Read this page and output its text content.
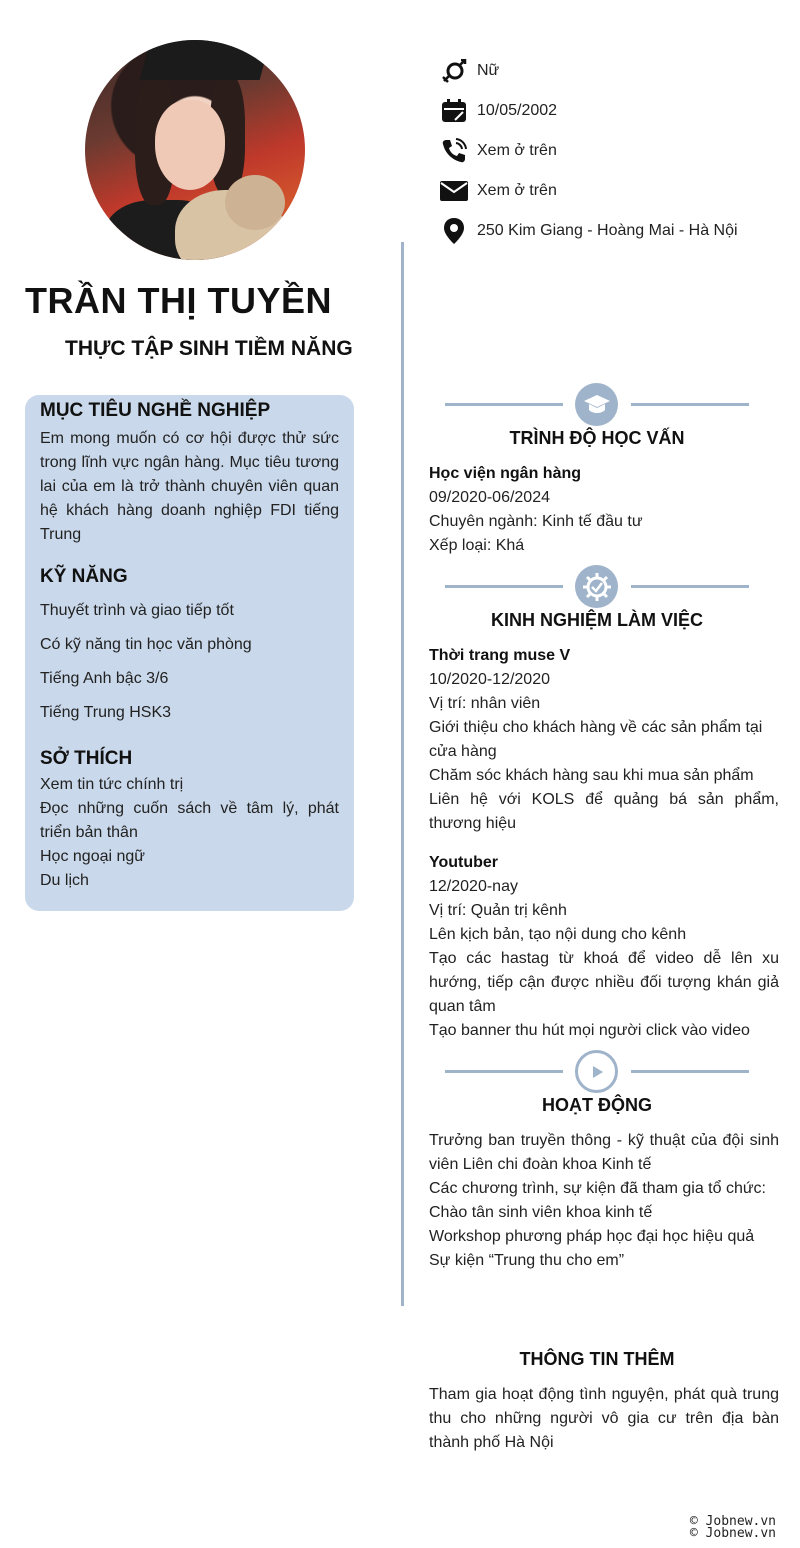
TRẦN THỊ TUYỀN
THỰC TẬP SINH TIỀM NĂNG
Nữ
10/05/2002
Xem ở trên
Xem ở trên
250 Kim Giang - Hoàng Mai - Hà Nội
MỤC TIÊU NGHỀ NGHIỆP

Em mong muốn có cơ hội được thử sức trong lĩnh vực ngân hàng. Mục tiêu tương lai của em là trở thành chuyên viên quan hệ khách hàng doanh nghiệp FDI tiếng Trung

KỸ NĂNG

Thuyết trình và giao tiếp tốt

Có kỹ năng tin học văn phòng

Tiếng Anh bậc 3/6

Tiếng Trung HSK3

SỞ THÍCH

Xem tin tức chính trị

Đọc những cuốn sách về tâm lý, phát triển bản thân

Học ngoại ngữ

Du lịch

TRÌNH ĐỘ HỌC VẤN

Học viện ngân hàng

09/2020-06/2024

Chuyên ngành: Kinh tế đầu tư

Xếp loại: Khá

KINH NGHIỆM LÀM VIỆC

Thời trang muse V

10/2020-12/2020

Vị trí: nhân viên

Giới thiệu cho khách hàng về các sản phẩm tại cửa hàng

Chăm sóc khách hàng sau khi mua sản phẩm

Liên hệ với KOLS để quảng bá sản phẩm, thương hiệu

Youtuber

12/2020-nay

Vị trí: Quản trị kênh

Lên kịch bản, tạo nội dung cho kênh

Tạo các hastag từ khoá để video dễ lên xu hướng, tiếp cận được nhiều đối tượng khán giả quan tâm

Tạo banner thu hút mọi người click vào video

HOẠT ĐỘNG

Trưởng ban truyền thông - kỹ thuật của đội sinh viên Liên chi đoàn khoa Kinh tế

Các chương trình, sự kiện đã tham gia tổ chức:

Chào tân sinh viên khoa kinh tế

Workshop phương pháp học đại học hiệu quả

Sự kiện “Trung thu cho em”

THÔNG TIN THÊM

Tham gia hoạt động tình nguyện, phát quà trung thu cho những người vô gia cư trên địa bàn thành phố Hà Nội

© Jobnew.vn
© Jobnew.vn
